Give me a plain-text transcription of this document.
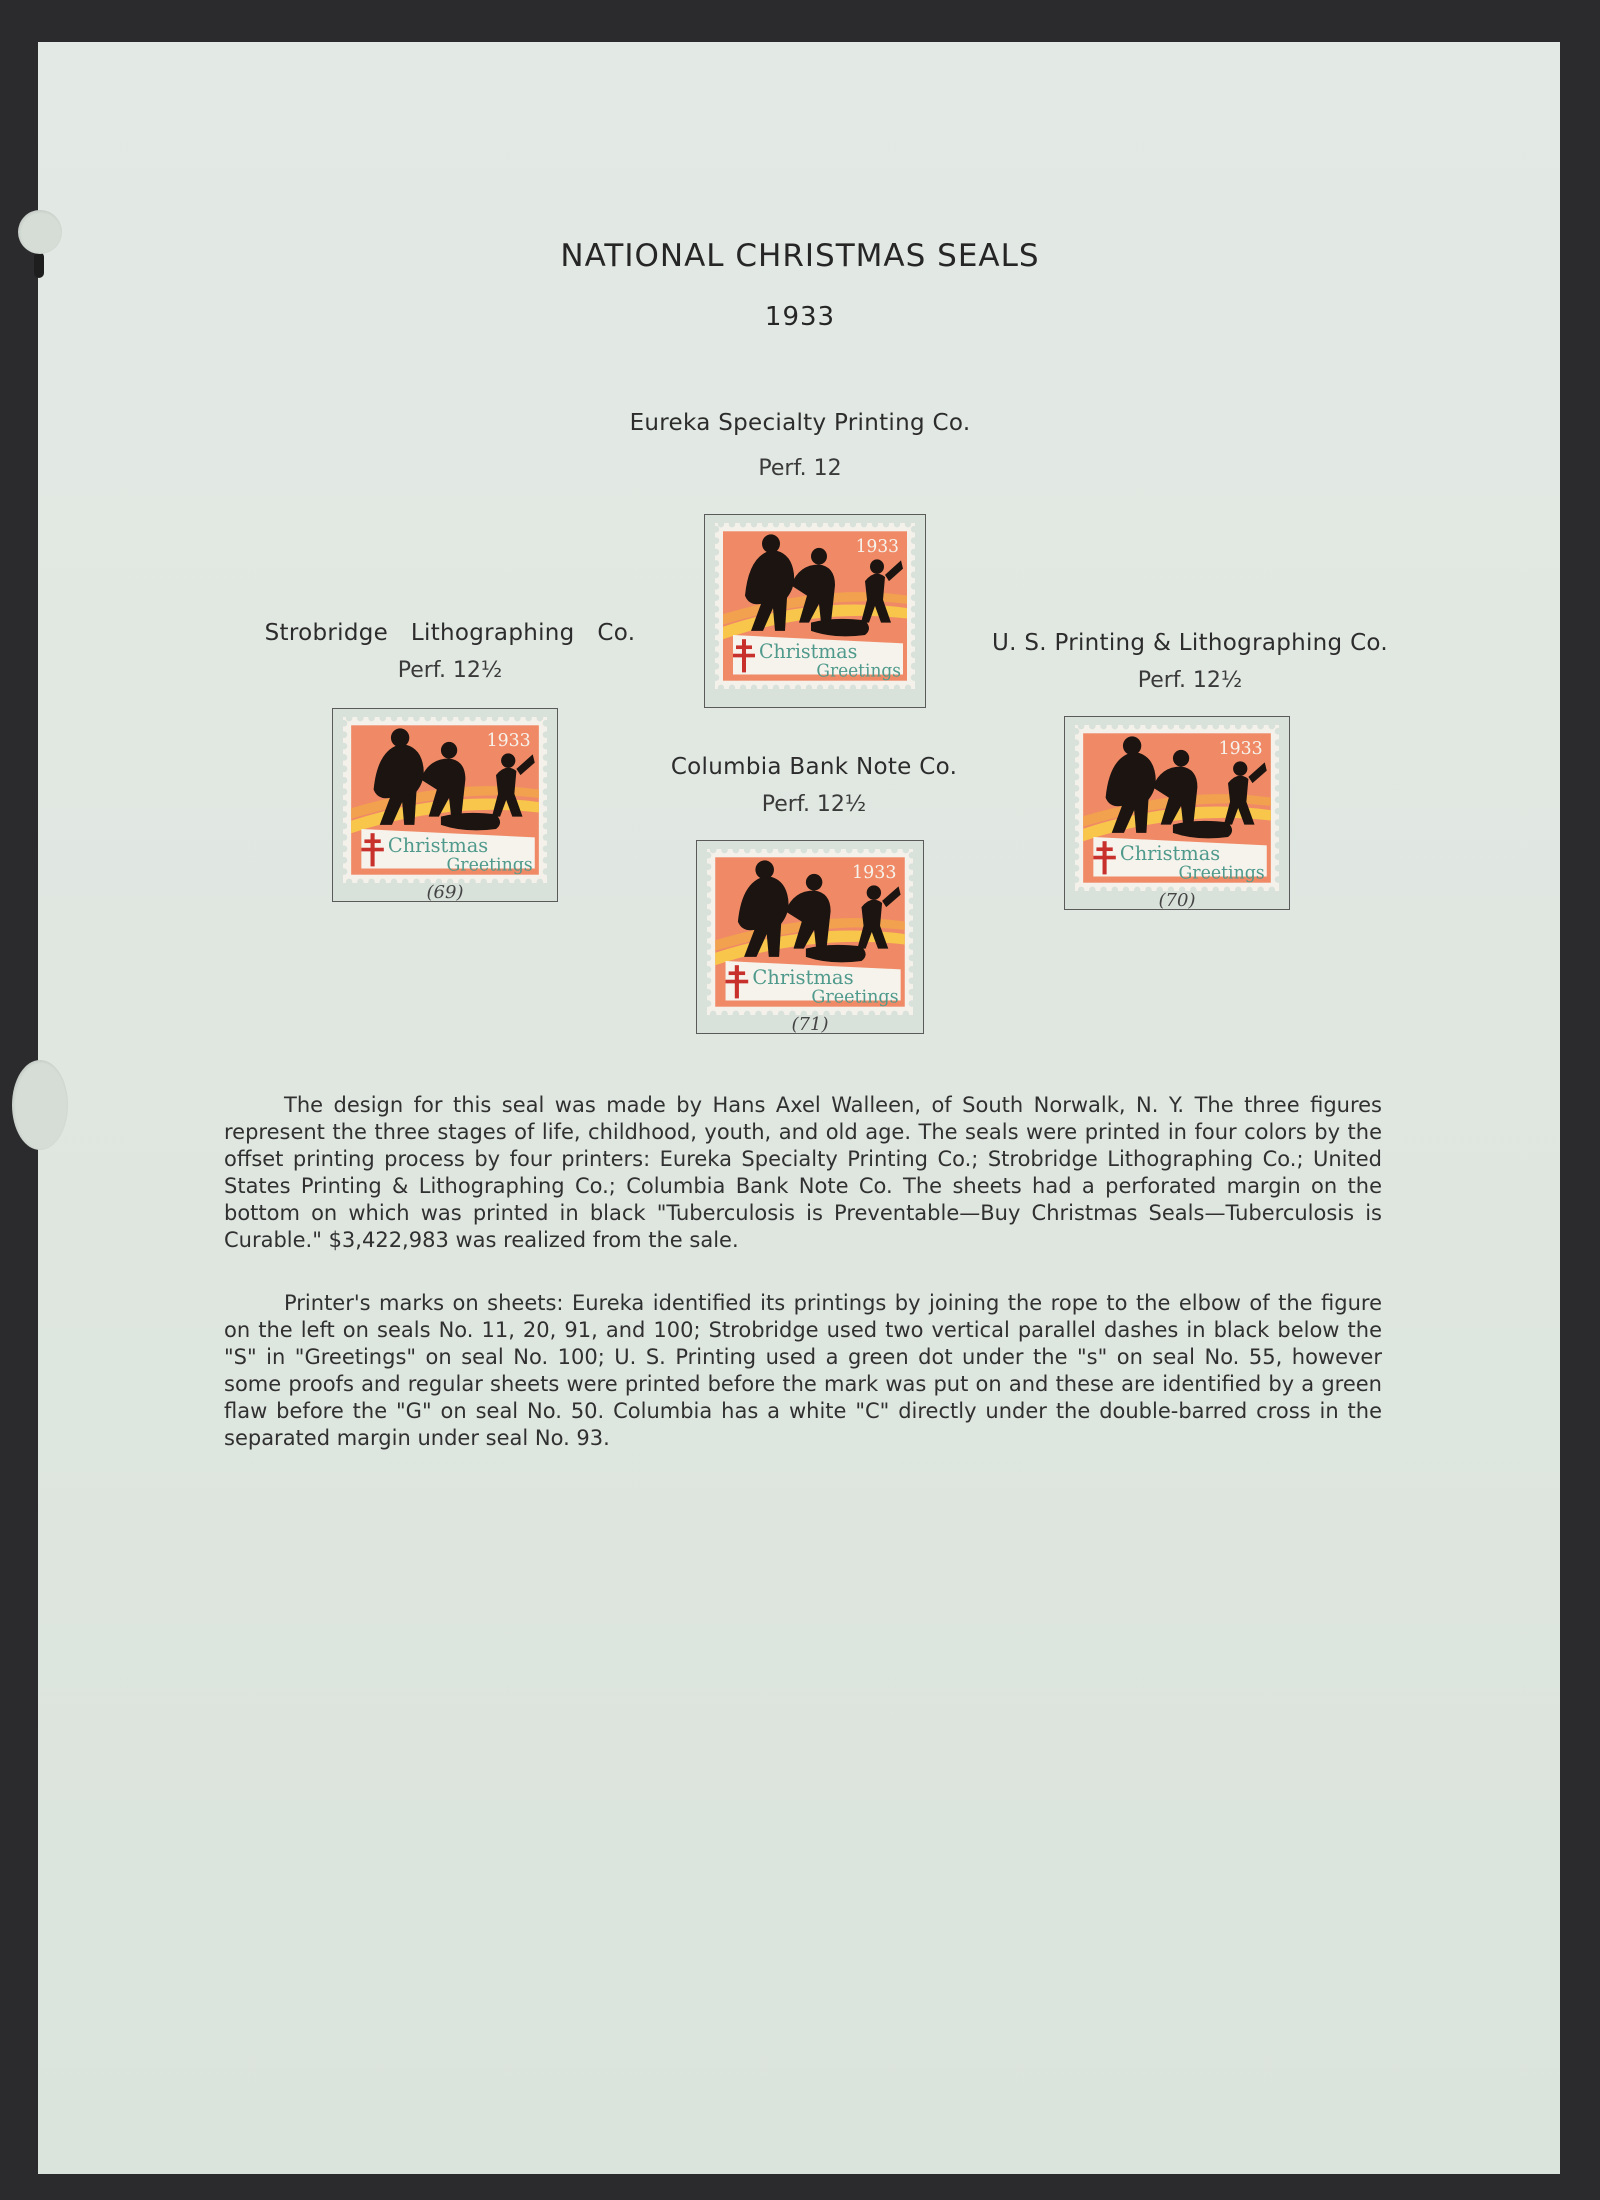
NATIONAL CHRISTMAS SEALS
1933
Eureka Specialty Printing Co.
Perf. 12
Strobridge   Lithographing   Co.
Perf. 12½
U. S. Printing & Lithographing Co.
Perf. 12½
Columbia Bank Note Co.
Perf. 12½
1933
Christmas
Greetings
1933
Christmas
Greetings
(69)
1933
Christmas
Greetings
(70)
1933
Christmas
Greetings
(71)

The design for this seal was made by Hans Axel Walleen, of South Norwalk, N. Y. The three figures represent the three stages of life, childhood, youth, and old age. The seals were printed in four colors by the offset printing process by four printers: Eureka Specialty Printing Co.; Strobridge Lithographing Co.; United States Printing & Lithographing Co.; Columbia Bank Note Co. The sheets had a perforated margin on the bottom on which was printed in black "Tuberculosis is Preventable—Buy Christmas Seals—Tuberculosis is Curable." $3,422,983 was realized from the sale.

Printer's marks on sheets: Eureka identified its printings by joining the rope to the elbow of the figure on the left on seals No. 11, 20, 91, and 100; Strobridge used two vertical parallel dashes in black below the "S" in "Greetings" on seal No. 100; U. S. Printing used a green dot under the "s" on seal No. 55, however some proofs and regular sheets were printed before the mark was put on and these are identified by a green flaw before the "G" on seal No. 50. Columbia has a white "C" directly under the double-barred cross in the separated margin under seal No. 93.
